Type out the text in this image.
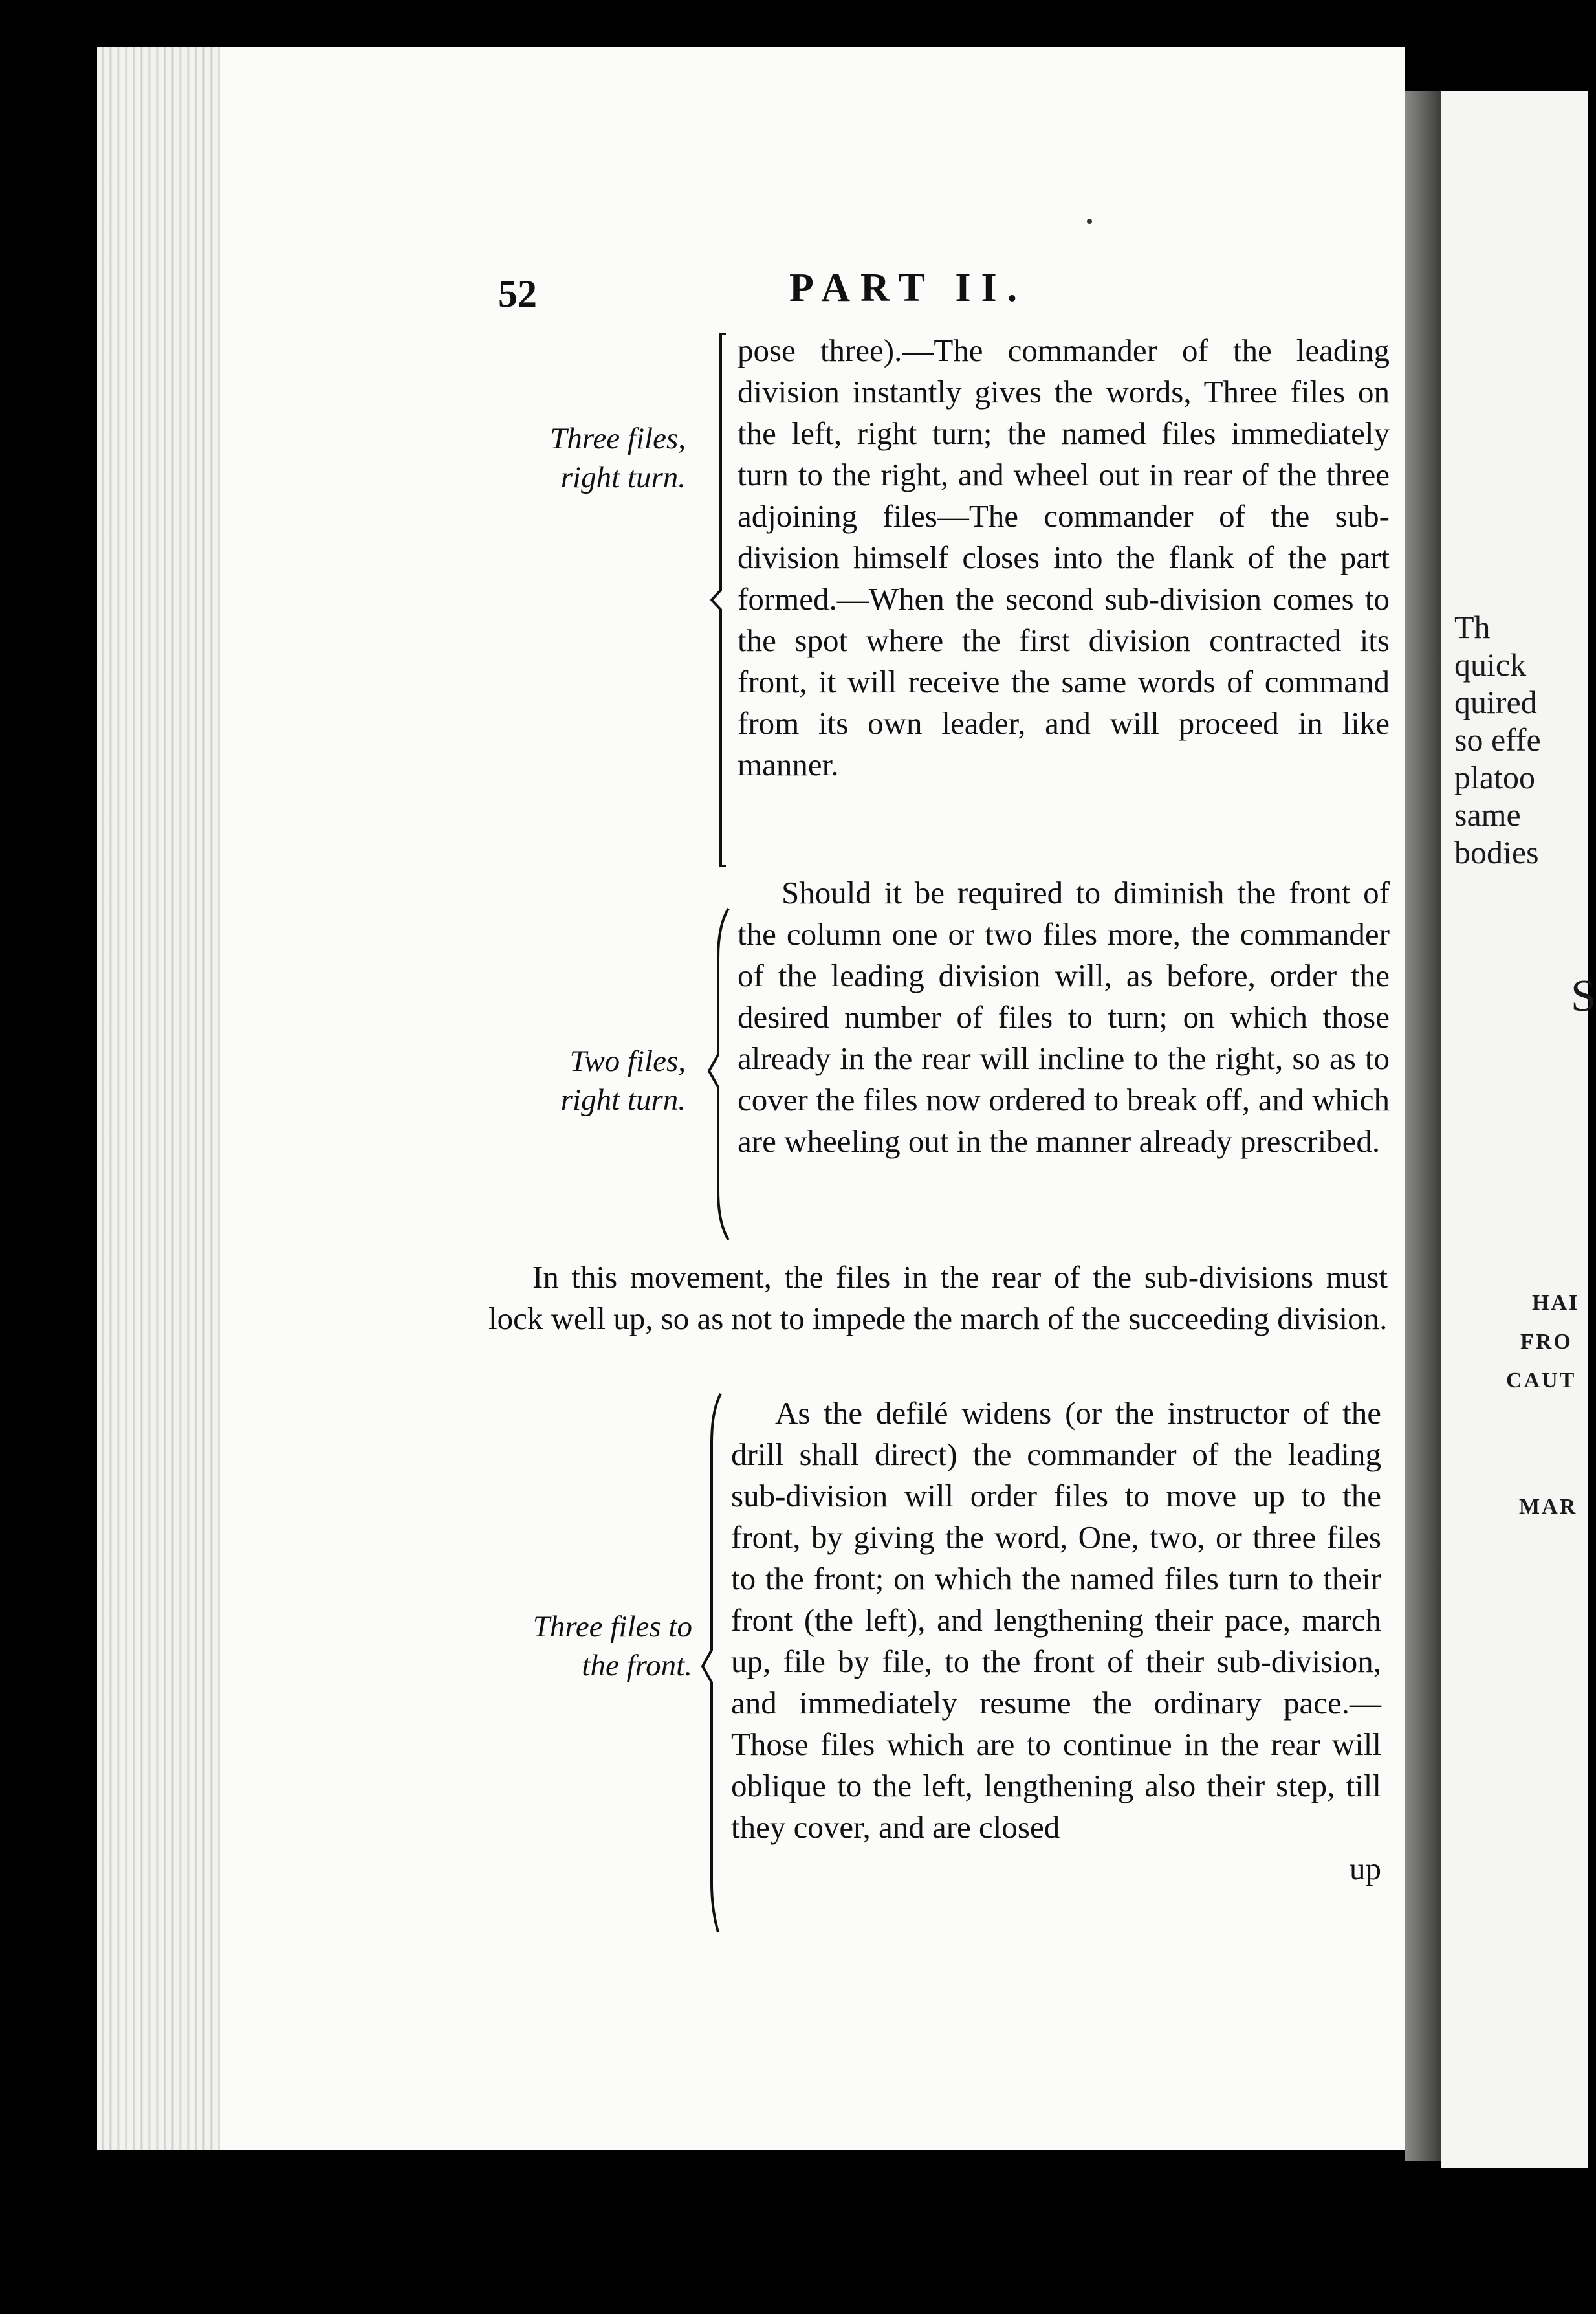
Th
quick
quired
so effe
platoo
same
bodies
S
HAI
FRO
CAUT
MAR
52	PART II.
Three files,
right turn.
Two files,
right turn.
Three files to
the front.

pose three).—The commander of the leading division instantly gives the words, Three files on the left, right turn; the named files immediately turn to the right, and wheel out in rear of the three adjoining files—The commander of the sub-division himself closes into the flank of the part formed.—When the second sub-division comes to the spot where the first division contracted its front, it will receive the same words of command from its own leader, and will proceed in like manner.

Should it be required to diminish the front of the column one or two files more, the commander of the leading division will, as before, order the desired number of files to turn; on which those already in the rear will incline to the right, so as to cover the files now ordered to break off, and which are wheeling out in the manner already prescribed.

In this movement, the files in the rear of the sub-divisions must lock well up, so as not to impede the march of the succeeding division.

As the defilé widens (or the instructor of the drill shall direct) the commander of the leading sub-division will order files to move up to the front, by giving the word, One, two, or three files to the front; on which the named files turn to their front (the left), and lengthening their pace, march up, file by file, to the front of their sub-division, and immediately resume the ordinary pace.—Those files which are to continue in the rear will oblique to the left, lengthening also their step, till they cover, and are closed

up
